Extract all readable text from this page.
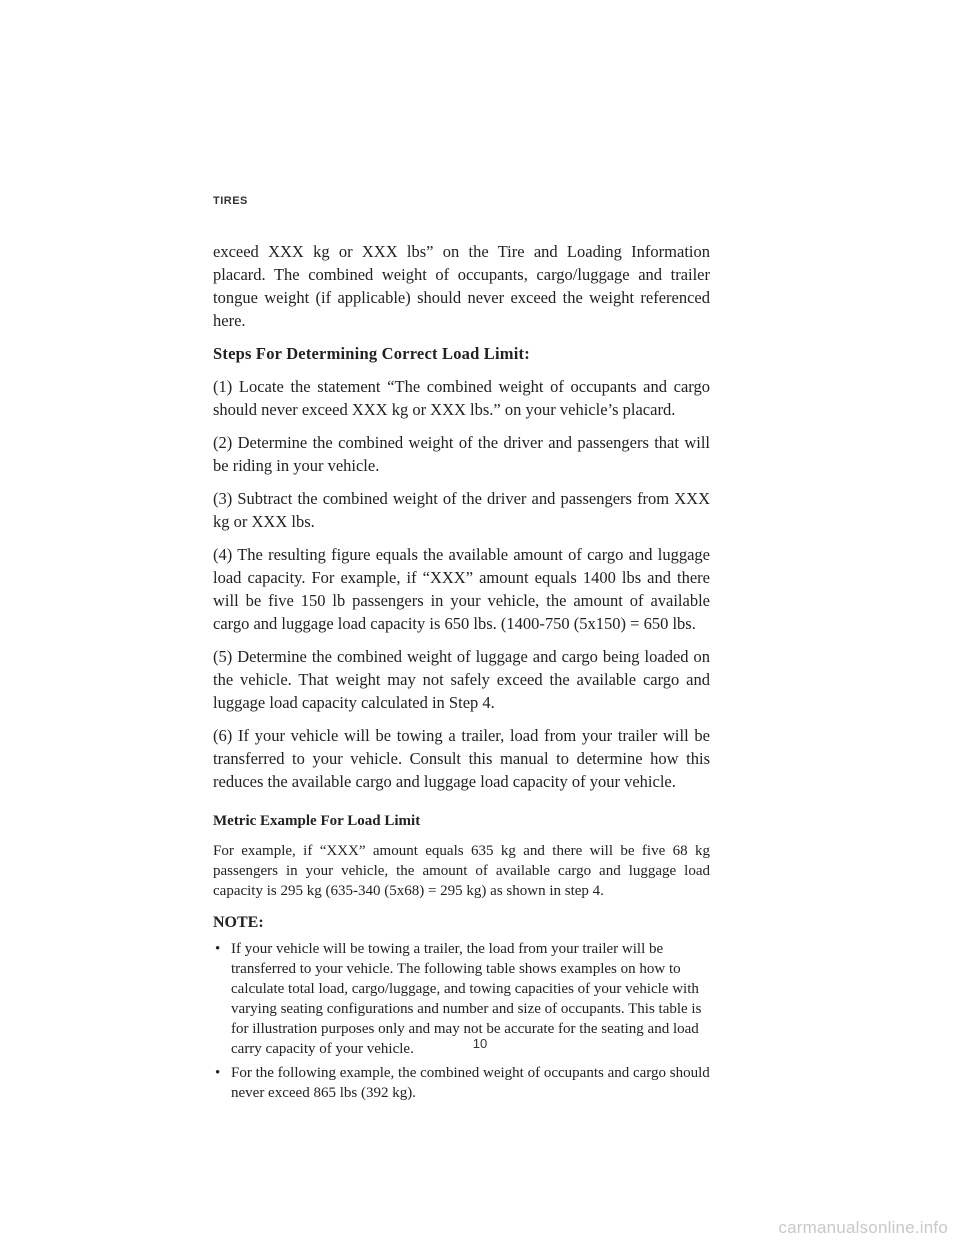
TIRES

exceed XXX kg or XXX lbs” on the Tire and Loading Information placard. The combined weight of occupants, cargo/luggage and trailer tongue weight (if applicable) should never exceed the weight referenced here.

Steps For Determining Correct Load Limit:

(1) Locate the statement “The combined weight of occupants and cargo should never exceed XXX kg or XXX lbs.” on your vehicle’s placard.

(2) Determine the combined weight of the driver and passengers that will be riding in your vehicle.

(3) Subtract the combined weight of the driver and passengers from XXX kg or XXX lbs.

(4) The resulting figure equals the available amount of cargo and luggage load capacity. For example, if “XXX” amount equals 1400 lbs and there will be five 150 lb passengers in your vehicle, the amount of available cargo and luggage load capacity is 650 lbs. (1400-750 (5x150) = 650 lbs.

(5) Determine the combined weight of luggage and cargo being loaded on the vehicle. That weight may not safely exceed the available cargo and luggage load capacity calculated in Step 4.

(6) If your vehicle will be towing a trailer, load from your trailer will be transferred to your vehicle. Consult this manual to determine how this reduces the available cargo and luggage load capacity of your vehicle.

Metric Example For Load Limit

For example, if “XXX” amount equals 635 kg and there will be five 68 kg passengers in your vehicle, the amount of available cargo and luggage load capacity is 295 kg (635-340 (5x68) = 295 kg) as shown in step 4.

NOTE:
• If your vehicle will be towing a trailer, the load from your trailer will be transferred to your vehicle. The following table shows examples on how to calculate total load, cargo/luggage, and towing capacities of your vehicle with varying seating configurations and number and size of occupants. This table is for illustration purposes only and may not be accurate for the seating and load carry capacity of your vehicle.
• For the following example, the combined weight of occupants and cargo should never exceed 865 lbs (392 kg).
10
carmanualsonline.info
